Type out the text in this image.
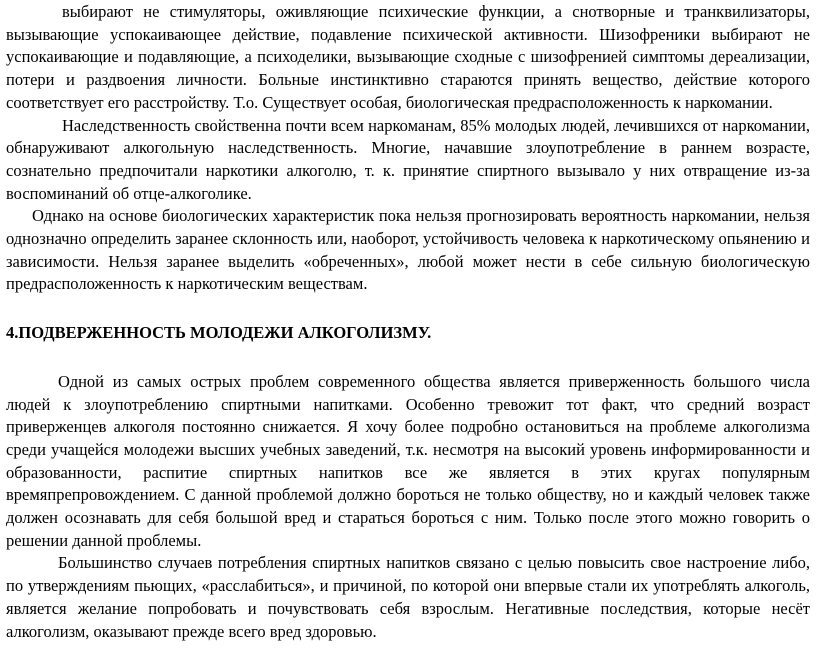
выбирают не стимуляторы, оживляющие психические функции, а снотворные и транквилизаторы, вызывающие успокаивающее действие, подавление психической активности. Шизофреники выбирают не успокаивающие и подавляющие, а психоделики, вызывающие сходные с шизофренией симптомы дереализации, потери и раздвоения личности. Больные инстинктивно стараются принять вещество, действие которого соответствует его расстройству. Т.о. Существует особая, биологическая предрасположенность к наркомании.

Наследственность свойственна почти всем наркоманам, 85% молодых людей, лечившихся от наркомании, обнаруживают алкогольную наследственность. Многие, начавшие злоупотребление в раннем возрасте, сознательно предпочитали наркотики алкоголю, т. к. принятие спиртного вызывало у них отвращение из-за воспоминаний об отце-алкоголике.

Однако на основе биологических характеристик пока нельзя прогнозировать вероятность наркомании, нельзя однозначно определить заранее склонность или, наоборот, устойчивость человека к наркотическому опьянению и зависимости. Нельзя заранее выделить «обреченных», любой может нести в себе сильную биологическую предрасположенность к наркотическим веществам.

4.ПОДВЕРЖЕННОСТЬ МОЛОДЕЖИ АЛКОГОЛИЗМУ.

Одной из самых острых проблем современного общества является приверженность большого числа людей к злоупотреблению спиртными напитками. Особенно тревожит тот факт, что средний возраст приверженцев алкоголя постоянно снижается. Я хочу более подробно остановиться на проблеме алкоголизма среди учащейся молодежи высших учебных заведений, т.к. несмотря на высокий уровень информированности и образованности, распитие спиртных напитков все же является в этих кругах популярным времяпрепровождением. С данной проблемой должно бороться не только обществу, но и каждый человек также должен осознавать для себя большой вред и стараться бороться с ним. Только после этого можно говорить о решении данной проблемы.

Большинство случаев потребления спиртных напитков связано с целью повысить свое настроение либо, по утверждениям пьющих, «расслабиться», и причиной, по которой они впервые стали их употреблять алкоголь, является желание попробовать и почувствовать себя взрослым. Негативные последствия, которые несёт алкоголизм, оказывают прежде всего вред здоровью.
